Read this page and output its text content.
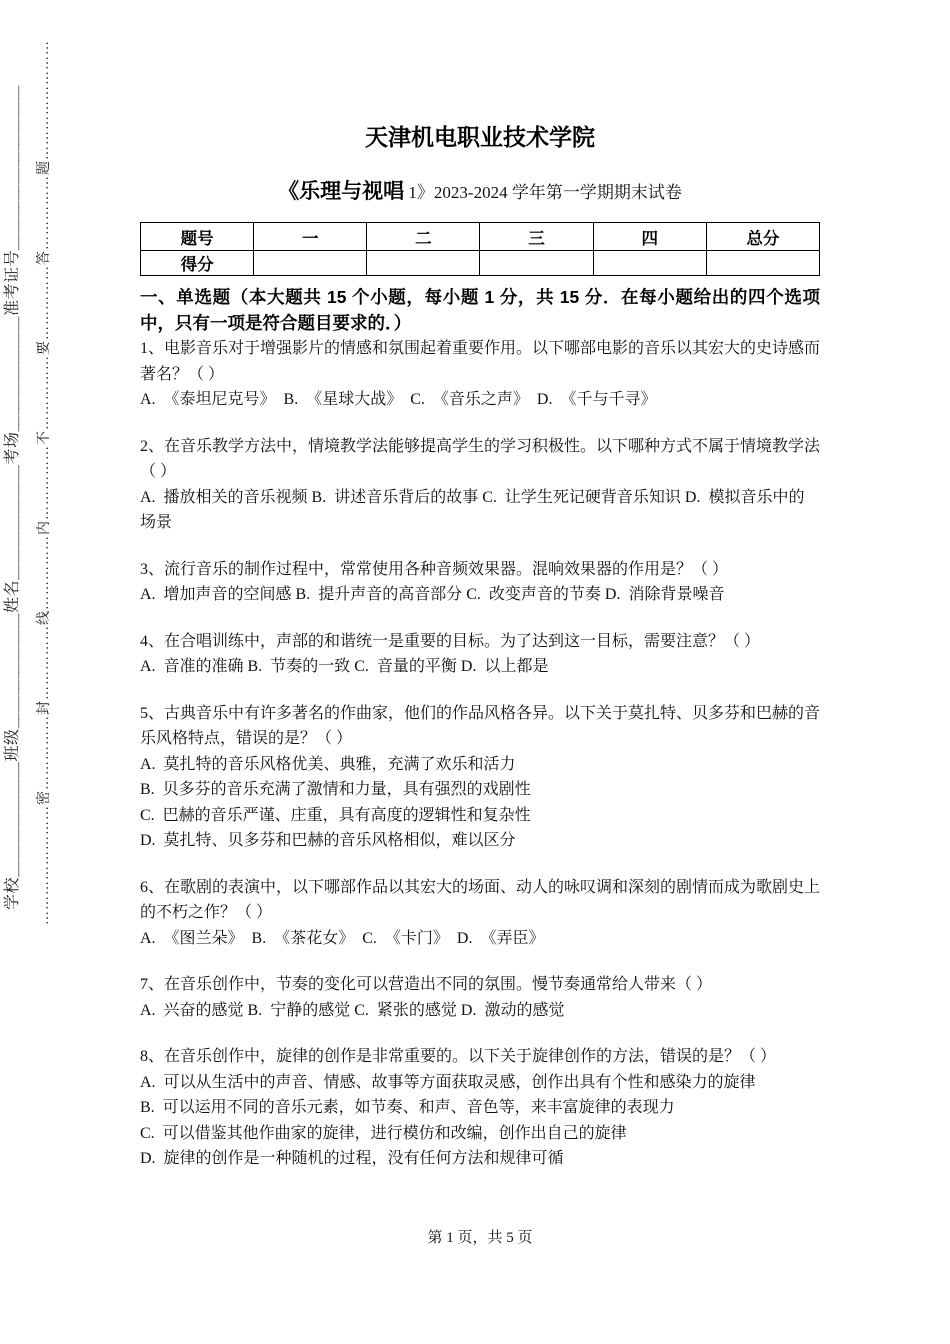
学校＿＿＿＿＿＿＿班级＿＿＿＿＿＿＿姓名＿＿＿＿＿＿＿考场＿＿＿＿＿＿＿准考证号＿＿＿＿＿＿＿＿＿＿ ……………………密……………封……………线……………内……………不……………要……………答……………题……………………	天津机电职业技术学院
《乐理与视唱 1》2023-2024 学年第一学期期末试卷
题号	一	二	三	四	总分
得分					
一、单选题（本大题共 15 个小题，每小题 1 分，共 15 分．在每小题给出的四个选项中，只有一项是符合题目要求的．）
1、电影音乐对于增强影片的情感和氛围起着重要作用。以下哪部电影的音乐以其宏大的史诗感而著名？（ ）
A.  《泰坦尼克号》  B.  《星球大战》  C.  《音乐之声》  D.  《千与千寻》
2、在音乐教学方法中，情境教学法能够提高学生的学习积极性。以下哪种方式不属于情境教学法（ ）
A.  播放相关的音乐视频 B.  讲述音乐背后的故事 C.  让学生死记硬背音乐知识 D.  模拟音乐中的场景
3、流行音乐的制作过程中，常常使用各种音频效果器。混响效果器的作用是？（ ）
A.  增加声音的空间感 B.  提升声音的高音部分 C.  改变声音的节奏 D.  消除背景噪音
4、在合唱训练中，声部的和谐统一是重要的目标。为了达到这一目标，需要注意？（ ）
A.  音准的准确 B.  节奏的一致 C.  音量的平衡 D.  以上都是
5、古典音乐中有许多著名的作曲家，他们的作品风格各异。以下关于莫扎特、贝多芬和巴赫的音乐风格特点，错误的是？（ ）
A.  莫扎特的音乐风格优美、典雅，充满了欢乐和活力
B.  贝多芬的音乐充满了激情和力量，具有强烈的戏剧性
C.  巴赫的音乐严谨、庄重，具有高度的逻辑性和复杂性
D.  莫扎特、贝多芬和巴赫的音乐风格相似，难以区分
6、在歌剧的表演中，以下哪部作品以其宏大的场面、动人的咏叹调和深刻的剧情而成为歌剧史上的不朽之作？（ ）
A.  《图兰朵》  B.  《茶花女》  C.  《卡门》  D.  《弄臣》
7、在音乐创作中，节奏的变化可以营造出不同的氛围。慢节奏通常给人带来（ ）
A.  兴奋的感觉 B.  宁静的感觉 C.  紧张的感觉 D.  激动的感觉
8、在音乐创作中，旋律的创作是非常重要的。以下关于旋律创作的方法，错误的是？（ ）
A.  可以从生活中的声音、情感、故事等方面获取灵感，创作出具有个性和感染力的旋律
B.  可以运用不同的音乐元素，如节奏、和声、音色等，来丰富旋律的表现力
C.  可以借鉴其他作曲家的旋律，进行模仿和改编，创作出自己的旋律
D.  旋律的创作是一种随机的过程，没有任何方法和规律可循
第 1 页，共 5 页
